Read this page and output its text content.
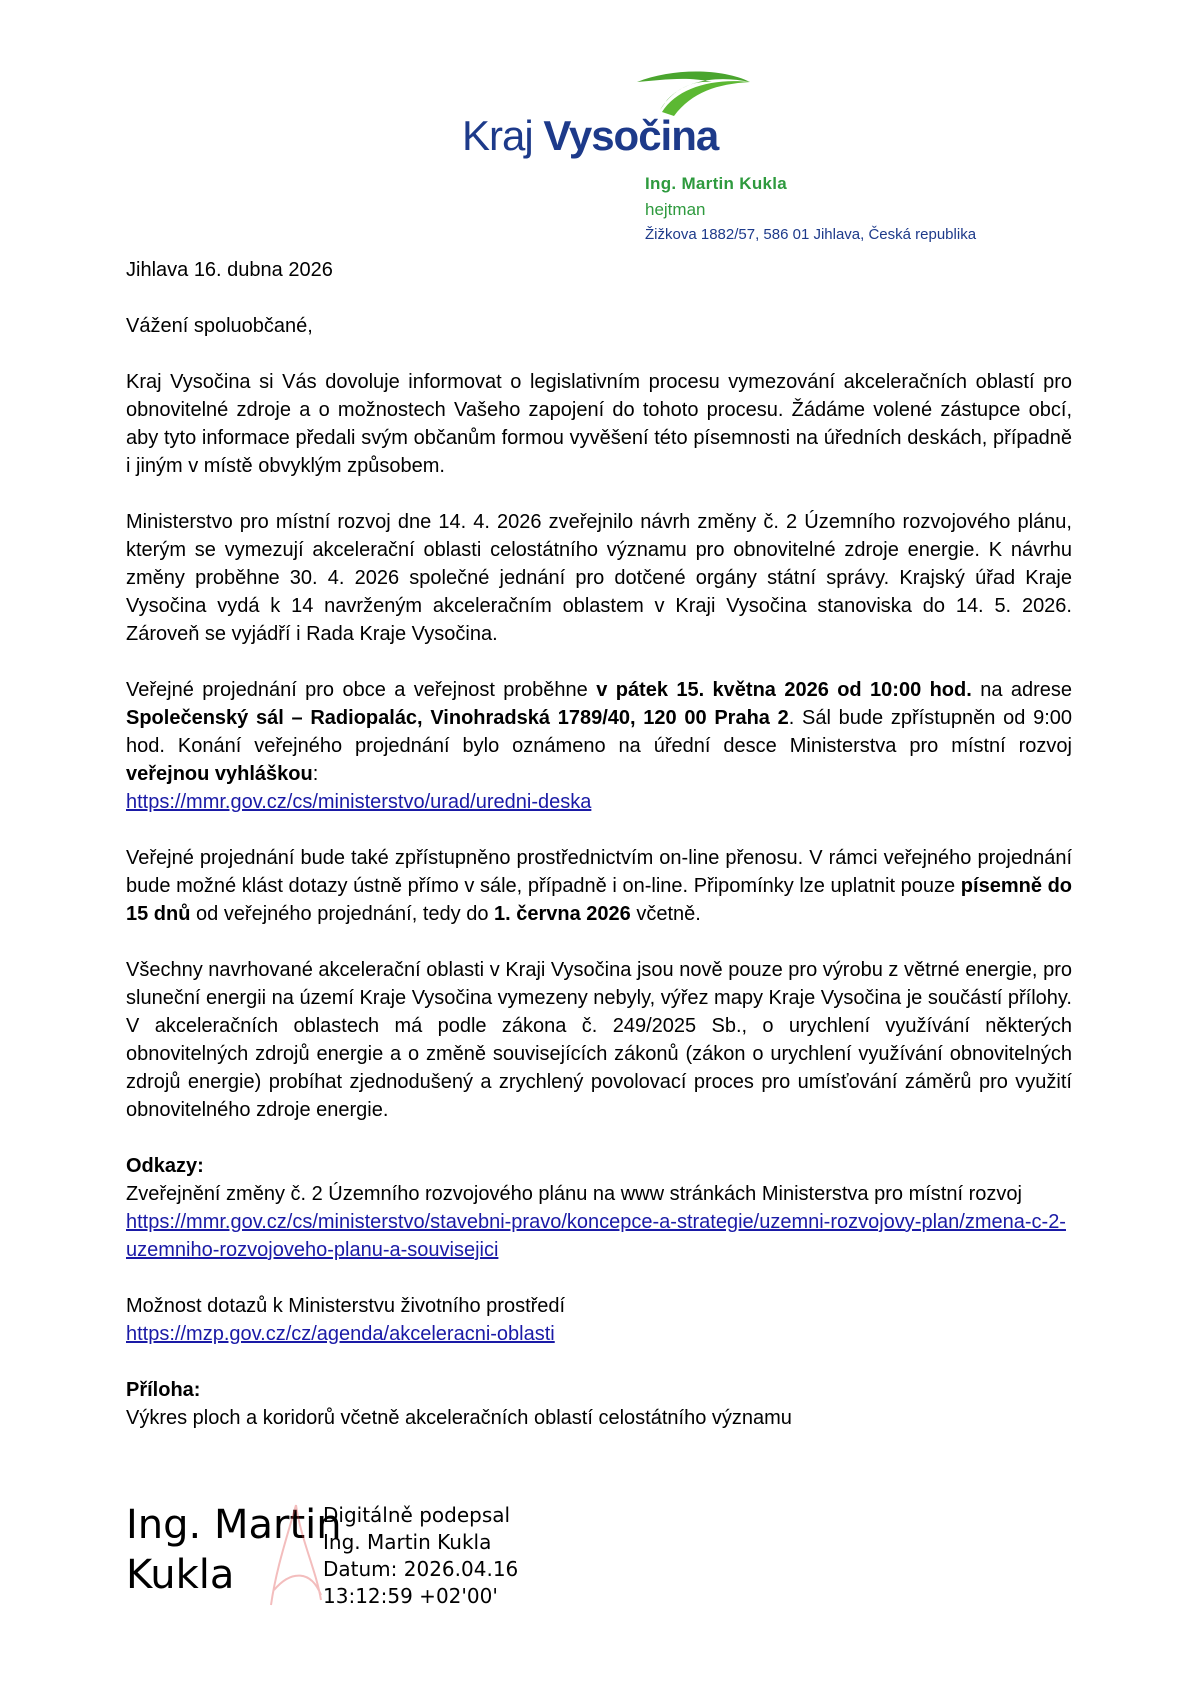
Kraj Vysočina
Ing. Martin Kukla
hejtman
Žižkova 1882/57, 586 01 Jihlava, Česká republika
Jihlava 16. dubna 2026
Vážení spoluobčané,
Kraj Vysočina si Vás dovoluje informovat o legislativním procesu vymezování akceleračních oblastí pro obnovitelné zdroje a o možnostech Vašeho zapojení do tohoto procesu. Žádáme volené zástupce obcí, aby tyto informace předali svým občanům formou vyvěšení této písemnosti na úředních deskách, případně i jiným v místě obvyklým způsobem.
Ministerstvo pro místní rozvoj dne 14. 4. 2026 zveřejnilo návrh změny č. 2 Územního rozvojového plánu, kterým se vymezují akcelerační oblasti celostátního významu pro obnovitelné zdroje energie. K návrhu změny proběhne 30. 4. 2026 společné jednání pro dotčené orgány státní správy. Krajský úřad Kraje Vysočina vydá k 14 navrženým akceleračním oblastem v Kraji Vysočina stanoviska do 14. 5. 2026. Zároveň se vyjádří i Rada Kraje Vysočina.
Veřejné projednání pro obce a veřejnost proběhne v pátek 15. května 2026 od 10:00 hod. na adrese Společenský sál – Radiopalác, Vinohradská 1789/40, 120 00 Praha 2. Sál bude zpřístupněn od 9:00 hod. Konání veřejného projednání bylo oznámeno na úřední desce Ministerstva pro místní rozvoj veřejnou vyhláškou:
https://mmr.gov.cz/cs/ministerstvo/urad/uredni-deska
Veřejné projednání bude také zpřístupněno prostřednictvím on-line přenosu. V rámci veřejného projednání bude možné klást dotazy ústně přímo v sále, případně i on-line. Připomínky lze uplatnit pouze písemně do 15 dnů od veřejného projednání, tedy do 1. června 2026 včetně.
Všechny navrhované akcelerační oblasti v Kraji Vysočina jsou nově pouze pro výrobu z větrné energie, pro sluneční energii na území Kraje Vysočina vymezeny nebyly, výřez mapy Kraje Vysočina je součástí přílohy. V akceleračních oblastech má podle zákona č. 249/2025 Sb., o urychlení využívání některých obnovitelných zdrojů energie a o změně souvisejících zákonů (zákon o urychlení využívání obnovitelných zdrojů energie) probíhat zjednodušený a zrychlený povolovací proces pro umísťování záměrů pro využití obnovitelného zdroje energie.
Odkazy:
Zveřejnění změny č. 2 Územního rozvojového plánu na www stránkách Ministerstva pro místní rozvoj
https://mmr.gov.cz/cs/ministerstvo/stavebni-pravo/koncepce-a-strategie/uzemni-rozvojovy-plan/zmena-c-2-uzemniho-rozvojoveho-planu-a-souvisejici
Možnost dotazů k Ministerstvu životního prostředí
https://mzp.gov.cz/cz/agenda/akceleracni-oblasti
Příloha:
Výkres ploch a koridorů včetně akceleračních oblastí celostátního významu
Ing. Martin
Kukla
Digitálně podepsal
Ing. Martin Kukla
Datum: 2026.04.16
13:12:59 +02'00'
